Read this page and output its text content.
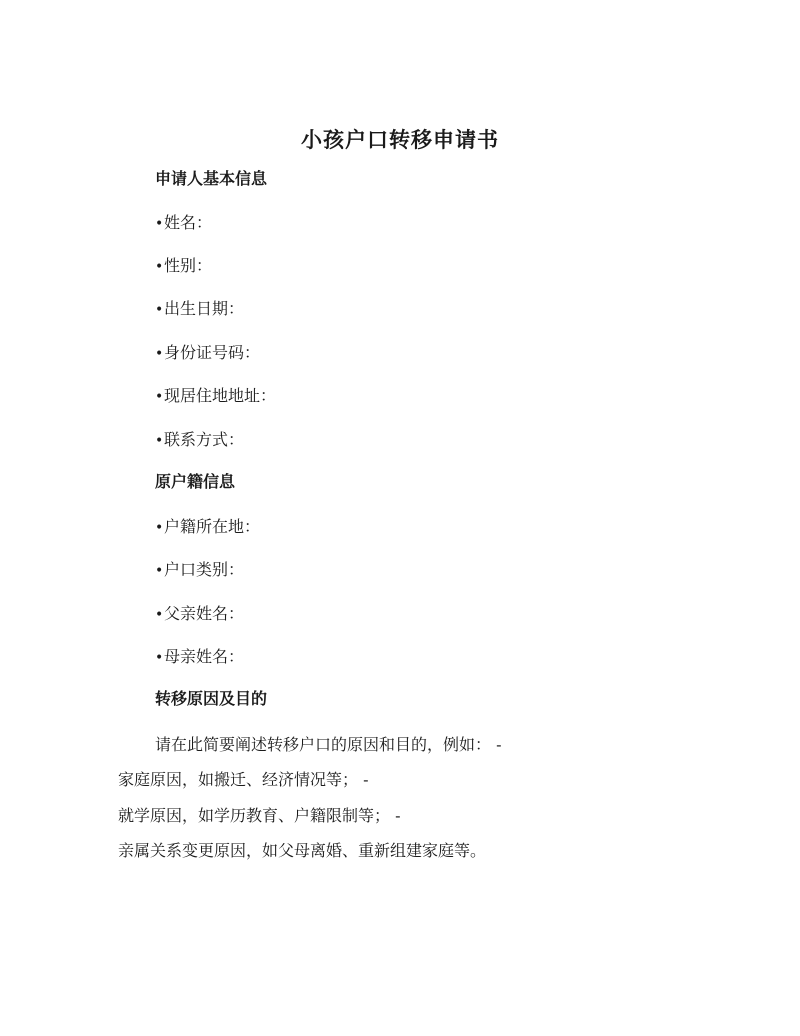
小孩户口转移申请书
申请人基本信息

•姓名：

•性别：

•出生日期：

•身份证号码：

•现居住地地址：

•联系方式：

原户籍信息

•户籍所在地：

•户口类别：

•父亲姓名：

•母亲姓名：

转移原因及目的

请在此简要阐述转移户口的原因和目的，例如： -

家庭原因，如搬迁、经济情况等； -

就学原因，如学历教育、户籍限制等； -

亲属关系变更原因，如父母离婚、重新组建家庭等。
